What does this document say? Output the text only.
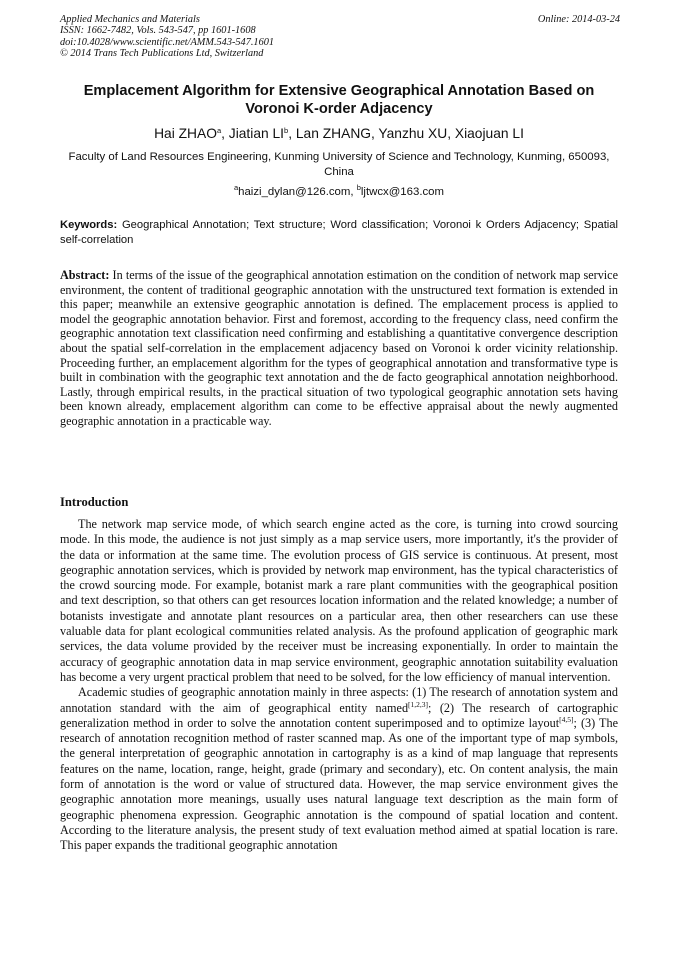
Applied Mechanics and Materials
ISSN: 1662-7482, Vols. 543-547, pp 1601-1608
doi:10.4028/www.scientific.net/AMM.543-547.1601
© 2014 Trans Tech Publications Ltd, Switzerland
Online: 2014-03-24
Emplacement Algorithm for Extensive Geographical Annotation Based on Voronoi K-order Adjacency
Hai ZHAO$^a$, Jiatian $LI^b$, Lan ZHANG, Yanzhu XU, Xiaojuan LI
Faculty of Land Resources Engineering, Kunming University of Science and Technology, Kunming, 650093, China
$^a$haizi_dylan@126.com, $^b$ljtwcx@163.com
Keywords: Geographical Annotation; Text structure; Word classification; Voronoi k Orders Adjacency; Spatial self-correlation

Abstract: In terms of the issue of the geographical annotation estimation on the condition of network map service environment, the content of traditional geographic annotation with the unstructured text formation is extended in this paper; meanwhile an extensive geographic annotation is defined. The emplacement process is applied to model the geographic annotation behavior. First and foremost, according to the frequency class, need confirm the geographic annotation text classification need confirming and establishing a quantitative convergence description about the spatial self-correlation in the emplacement adjacency based on Voronoi k order vicinity relationship. Proceeding further, an emplacement algorithm for the types of geographical annotation and transformative type is built in combination with the geographic text annotation and the de facto geographical annotation neighborhood. Lastly, through empirical results, in the practical situation of two typological geographic annotation sets having been known already, emplacement algorithm can come to be effective appraisal about the newly augmented geographic annotation in a practicable way.

Introduction

The network map service mode, of which search engine acted as the core, is turning into crowd sourcing mode. In this mode, the audience is not just simply as a map service users, more importantly, it's the provider of the data or information at the same time. The evolution process of GIS service is continuous. At present, most geographic annotation services, which is provided by network map environment, has the typical characteristics of the crowd sourcing mode. For example, botanist mark a rare plant communities with the geographical position and text description, so that others can get resources location information and the related knowledge; a number of botanists investigate and annotate plant resources on a particular area, then other researchers can use these valuable data for plant ecological communities related analysis. As the profound application of geographic mark services, the data volume provided by the receiver must be increasing exponentially. In order to maintain the accuracy of geographic annotation data in map service environment, geographic annotation suitability evaluation has become a very urgent practical problem that need to be solved, for the low efficiency of manual intervention.

Academic studies of geographic annotation mainly in three aspects: (1) The research of annotation system and annotation standard with the aim of geographical entity named[1,2,3]; (2) The research of cartographic generalization method in order to solve the annotation content superimposed and to optimize layout[4,5]; (3) The research of annotation recognition method of raster scanned map. As one of the important type of map symbols, the general interpretation of geographic annotation in cartography is as a kind of map language that represents features on the name, location, range, height, grade (primary and secondary), etc. On content analysis, the main form of annotation is the word or value of structured data. However, the map service environment gives the geographic annotation more meanings, usually uses natural language text description as the main form of geographic phenomena expression. Geographic annotation is the compound of spatial location and content. According to the literature analysis, the present study of text evaluation method aimed at spatial location is rare. This paper expands the traditional geographic annotation
